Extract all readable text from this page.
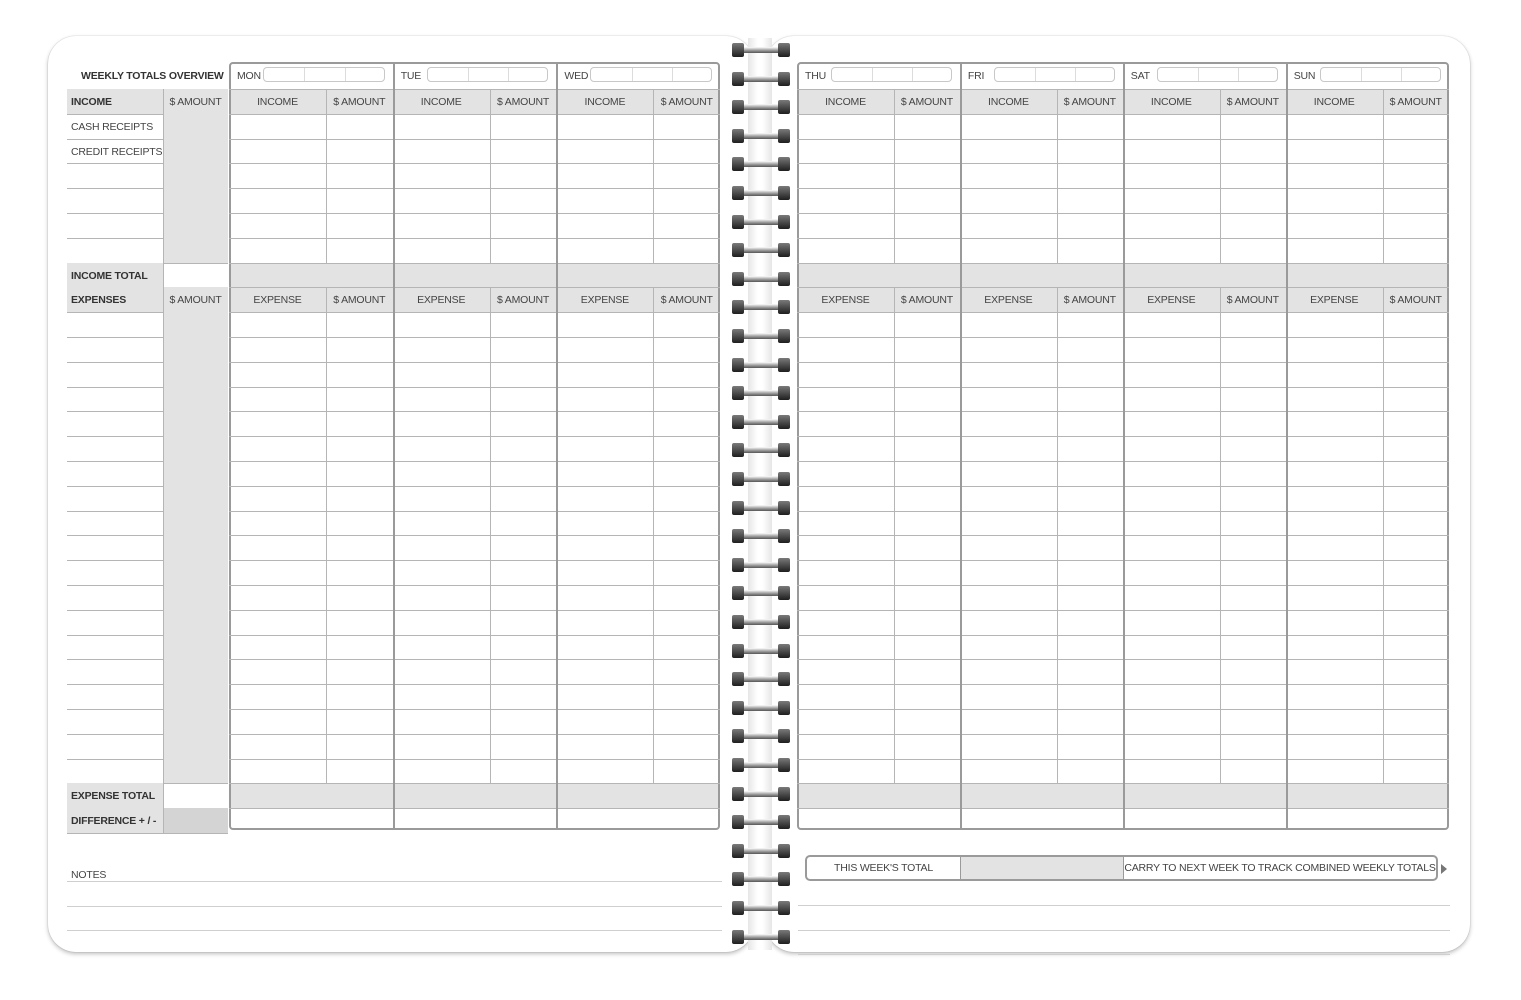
WEEKLY TOTALS OVERVIEW
INCOME	$ AMOUNT
CASH RECEIPTS
CREDIT RECEIPTS
INCOME TOTAL
EXPENSES	$ AMOUNT
EXPENSE TOTAL
DIFFERENCE + / -
MON
INCOME	$ AMOUNT
EXPENSE	$ AMOUNT
TUE
INCOME	$ AMOUNT
EXPENSE	$ AMOUNT
WED
INCOME	$ AMOUNT
EXPENSE	$ AMOUNT
THU
INCOME	$ AMOUNT
EXPENSE	$ AMOUNT
FRI
INCOME	$ AMOUNT
EXPENSE	$ AMOUNT
SAT
INCOME	$ AMOUNT
EXPENSE	$ AMOUNT
SUN
INCOME	$ AMOUNT
EXPENSE	$ AMOUNT
NOTES
THIS WEEK'S TOTAL	CARRY TO NEXT WEEK TO TRACK COMBINED WEEKLY TOTALS
